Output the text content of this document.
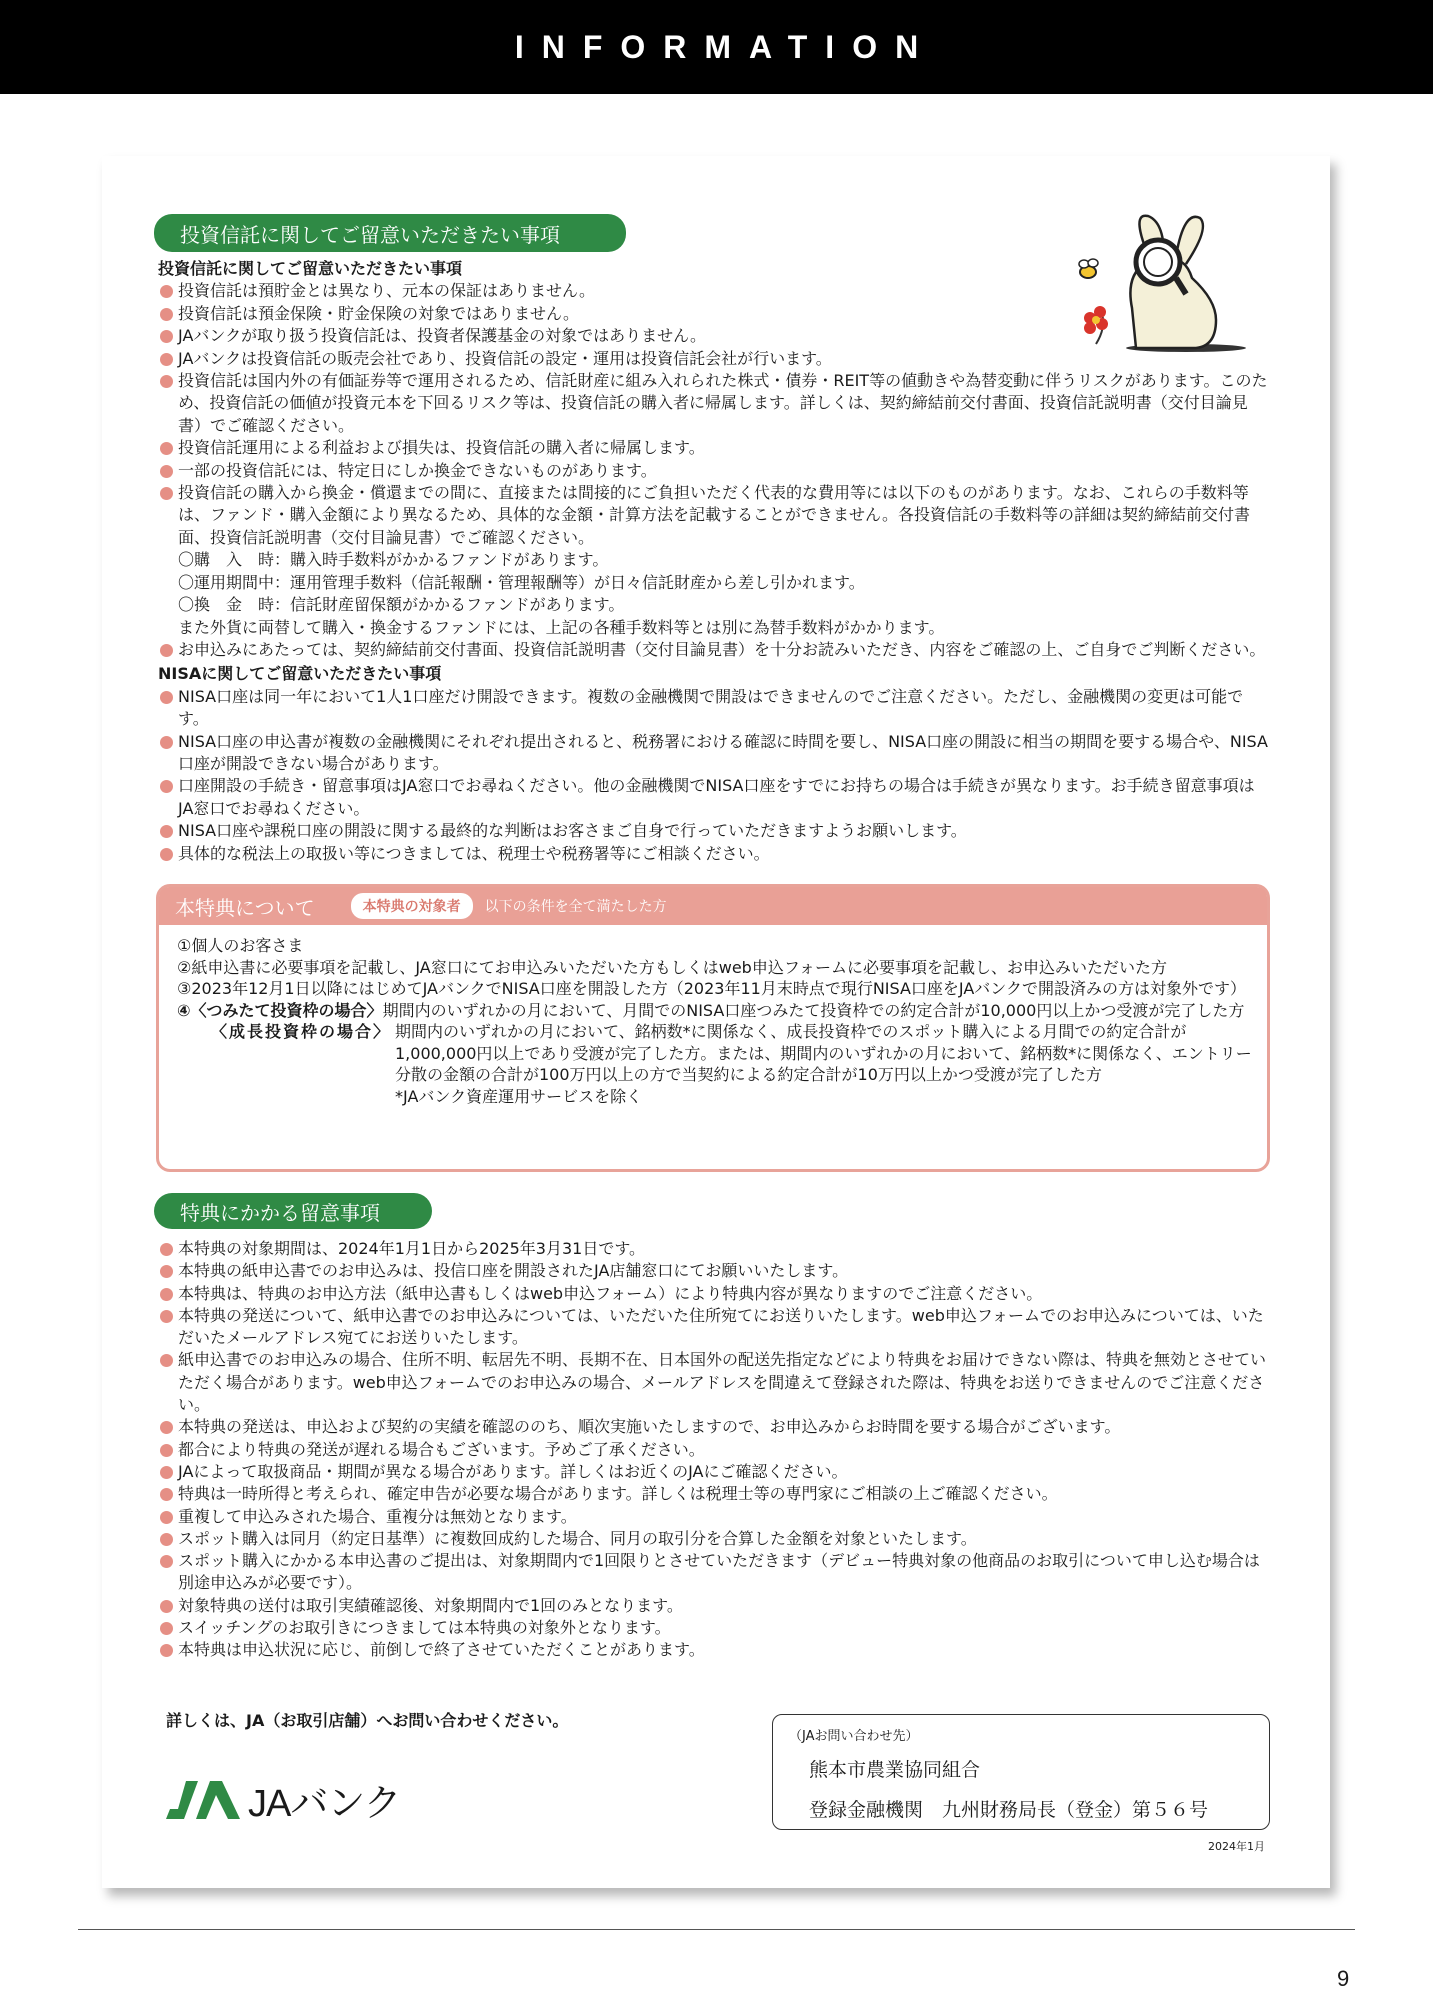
INFORMATION
投資信託に関してご留意いただきたい事項
投資信託に関してご留意いただきたい事項
投資信託は預貯金とは異なり、元本の保証はありません。
投資信託は預金保険・貯金保険の対象ではありません。
JAバンクが取り扱う投資信託は、投資者保護基金の対象ではありません。
JAバンクは投資信託の販売会社であり、投資信託の設定・運用は投資信託会社が行います。
投資信託は国内外の有価証券等で運用されるため、信託財産に組み入れられた株式・債券・REIT等の値動きや為替変動に伴うリスクがあります。このため、投資信託の価値が投資元本を下回るリスク等は、投資信託の購入者に帰属します。詳しくは、契約締結前交付書面、投資信託説明書（交付目論見書）でご確認ください。
投資信託運用による利益および損失は、投資信託の購入者に帰属します。
一部の投資信託には、特定日にしか換金できないものがあります。
投資信託の購入から換金・償還までの間に、直接または間接的にご負担いただく代表的な費用等には以下のものがあります。なお、これらの手数料等は、ファンド・購入金額により異なるため、具体的な金額・計算方法を記載することができません。各投資信託の手数料等の詳細は契約締結前交付書面、投資信託説明書（交付目論見書）でご確認ください。
〇購　入　時：購入時手数料がかかるファンドがあります。
〇運用期間中：運用管理手数料（信託報酬・管理報酬等）が日々信託財産から差し引かれます。
〇換　金　時：信託財産留保額がかかるファンドがあります。
また外貨に両替して購入・換金するファンドには、上記の各種手数料等とは別に為替手数料がかかります。
お申込みにあたっては、契約締結前交付書面、投資信託説明書（交付目論見書）を十分お読みいただき、内容をご確認の上、ご自身でご判断ください。
NISAに関してご留意いただきたい事項
NISA口座は同一年において1人1口座だけ開設できます。複数の金融機関で開設はできませんのでご注意ください。ただし、金融機関の変更は可能です。
NISA口座の申込書が複数の金融機関にそれぞれ提出されると、税務署における確認に時間を要し、NISA口座の開設に相当の期間を要する場合や、NISA口座が開設できない場合があります。
口座開設の手続き・留意事項はJA窓口でお尋ねください。他の金融機関でNISA口座をすでにお持ちの場合は手続きが異なります。お手続き留意事項はJA窓口でお尋ねください。
NISA口座や課税口座の開設に関する最終的な判断はお客さまご自身で行っていただきますようお願いします。
具体的な税法上の取扱い等につきましては、税理士や税務署等にご相談ください。
本特典について	本特典の対象者	以下の条件を全て満たした方
①個人のお客さま
②紙申込書に必要事項を記載し、JA窓口にてお申込みいただいた方もしくはweb申込フォームに必要事項を記載し、お申込みいただいた方
③2023年12月1日以降にはじめてJAバンクでNISA口座を開設した方（2023年11月末時点で現行NISA口座をJAバンクで開設済みの方は対象外です）
④〈つみたて投資枠の場合〉 期間内のいずれかの月において、月間でのNISA口座つみたて投資枠での約定合計が10,000円以上かつ受渡が完了した方
〈成長投資枠の場合〉 期間内のいずれかの月において、銘柄数*に関係なく、成長投資枠でのスポット購入による月間での約定合計が1,000,000円以上であり受渡が完了した方。または、期間内のいずれかの月において、銘柄数*に関係なく、エントリー分散の金額の合計が100万円以上の方で当契約による約定合計が10万円以上かつ受渡が完了した方
*JAバンク資産運用サービスを除く
特典にかかる留意事項
本特典の対象期間は、2024年1月1日から2025年3月31日です。
本特典の紙申込書でのお申込みは、投信口座を開設されたJA店舗窓口にてお願いいたします。
本特典は、特典のお申込方法（紙申込書もしくはweb申込フォーム）により特典内容が異なりますのでご注意ください。
本特典の発送について、紙申込書でのお申込みについては、いただいた住所宛てにお送りいたします。web申込フォームでのお申込みについては、いただいたメールアドレス宛てにお送りいたします。
紙申込書でのお申込みの場合、住所不明、転居先不明、長期不在、日本国外の配送先指定などにより特典をお届けできない際は、特典を無効とさせていただく場合があります。web申込フォームでのお申込みの場合、メールアドレスを間違えて登録された際は、特典をお送りできませんのでご注意ください。
本特典の発送は、申込および契約の実績を確認ののち、順次実施いたしますので、お申込みからお時間を要する場合がございます。
都合により特典の発送が遅れる場合もございます。予めご了承ください。
JAによって取扱商品・期間が異なる場合があります。詳しくはお近くのJAにご確認ください。
特典は一時所得と考えられ、確定申告が必要な場合があります。詳しくは税理士等の専門家にご相談の上ご確認ください。
重複して申込みされた場合、重複分は無効となります。
スポット購入は同月（約定日基準）に複数回成約した場合、同月の取引分を合算した金額を対象といたします。
スポット購入にかかる本申込書のご提出は、対象期間内で1回限りとさせていただきます（デビュー特典対象の他商品のお取引について申し込む場合は別途申込みが必要です）。
対象特典の送付は取引実績確認後、対象期間内で1回のみとなります。
スイッチングのお取引きにつきましては本特典の対象外となります。
本特典は申込状況に応じ、前倒しで終了させていただくことがあります。
詳しくは、JA（お取引店舗）へお問い合わせください。
JAバンク
（JAお問い合わせ先）
熊本市農業協同組合
登録金融機関　九州財務局長（登金）第５６号
2024年1月
9
